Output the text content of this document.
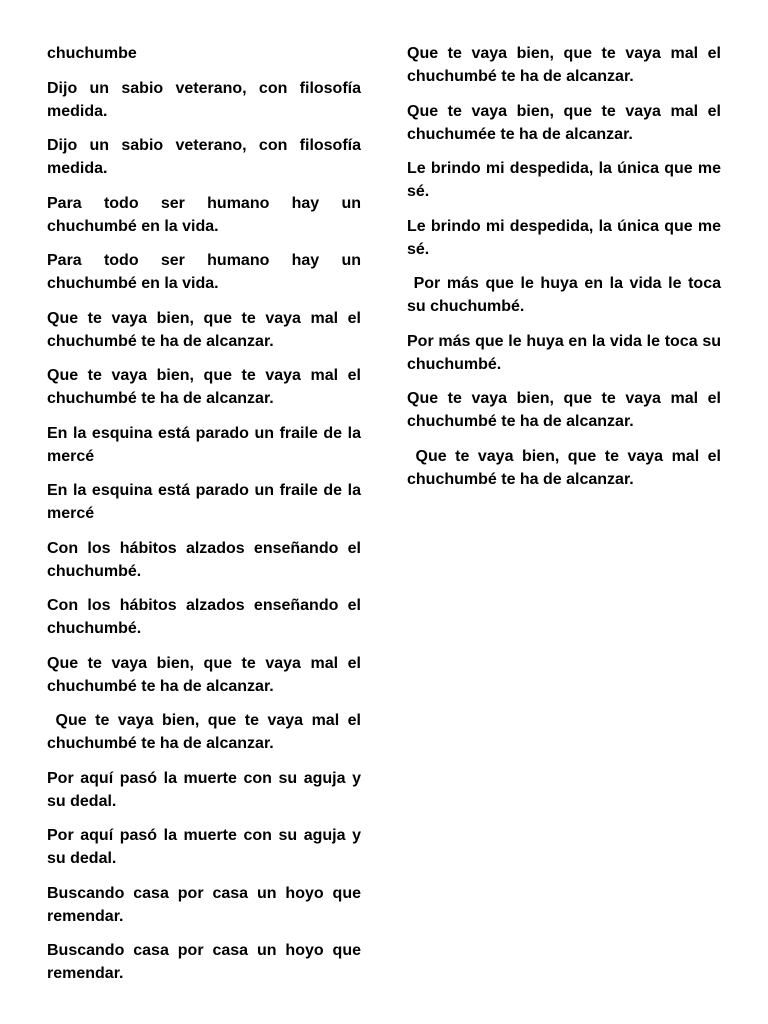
chuchumbe

Dijo un sabio veterano, con filosofía medida.

Dijo un sabio veterano, con filosofía medida.

Para todo ser humano hay un chuchumbé en la vida.

Para todo ser humano hay un chuchumbé en la vida.

Que te vaya bien, que te vaya mal el chuchumbé te ha de alcanzar.

Que te vaya bien, que te vaya mal el chuchumbé te ha de alcanzar.

En la esquina está parado un fraile de la mercé

En la esquina está parado un fraile de la mercé

Con los hábitos alzados enseñando el chuchumbé.

Con los hábitos alzados enseñando el chuchumbé.

Que te vaya bien, que te vaya mal el chuchumbé te ha de alcanzar.

Que te vaya bien, que te vaya mal el chuchumbé te ha de alcanzar.

Por aquí pasó la muerte con su aguja y su dedal.

Por aquí pasó la muerte con su aguja y su dedal.

Buscando casa por casa un hoyo que remendar.

Buscando casa por casa un hoyo que remendar.

Que te vaya bien, que te vaya mal el chuchumbé te ha de alcanzar.

Que te vaya bien, que te vaya mal el chuchumée te ha de alcanzar.

Le brindo mi despedida, la única que me sé.

Le brindo mi despedida, la única que me sé.

Por más que le huya en la vida le toca su chuchumbé.

Por más que le huya en la vida le toca su chuchumbé.

Que te vaya bien, que te vaya mal el chuchumbé te ha de alcanzar.

Que te vaya bien, que te vaya mal el chuchumbé te ha de alcanzar.
